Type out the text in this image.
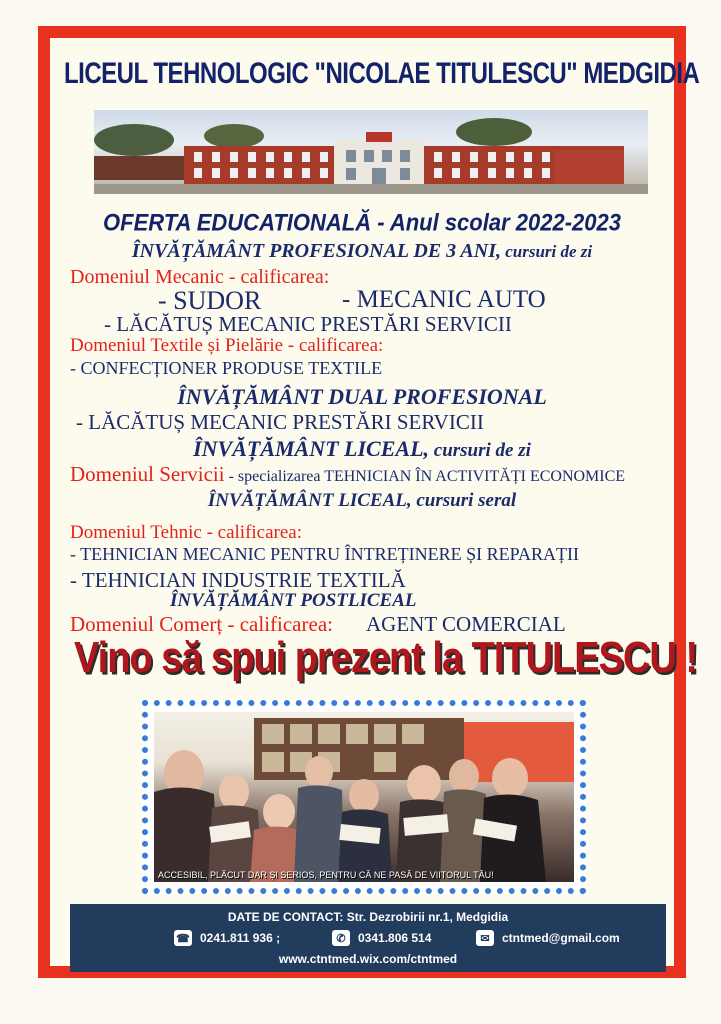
LICEUL TEHNOLOGIC "NICOLAE TITULESCU" MEDGIDIA
OFERTA EDUCATIONALĂ - Anul scolar 2022-2023
ÎNVĂȚĂMÂNT PROFESIONAL DE 3 ANI, cursuri de zi
Domeniul Mecanic - calificarea:
- SUDOR	- MECANIC AUTO
- LĂCĂTUȘ MECANIC PRESTĂRI SERVICII
Domeniul Textile și Pielărie - calificarea:
- CONFECȚIONER PRODUSE TEXTILE
ÎNVĂȚĂMÂNT DUAL PROFESIONAL
- LĂCĂTUȘ MECANIC PRESTĂRI SERVICII
ÎNVĂȚĂMÂNT LICEAL, cursuri de zi
Domeniul Servicii - specializarea TEHNICIAN ÎN ACTIVITĂȚI ECONOMICE
ÎNVĂȚĂMÂNT LICEAL, cursuri seral
Domeniul Tehnic - calificarea:
- TEHNICIAN MECANIC PENTRU ÎNTREȚINERE ȘI REPARAȚII
- TEHNICIAN INDUSTRIE TEXTILĂ
ÎNVĂȚĂMÂNT POSTLICEAL
Domeniul Comerț - calificarea: AGENT COMERCIAL
Vino să spui prezent la TITULESCU !
ACCESIBIL, PLĂCUT DAR ȘI SERIOS, PENTRU CĂ NE PASĂ DE VIITORUL TĂU!
DATE DE CONTACT: Str. Dezrobirii nr.1, Medgidia
☎ 0241.811 936 ;	✆	0341.806 514	✉	ctntmed@gmail.com
www.ctntmed.wix.com/ctntmed
